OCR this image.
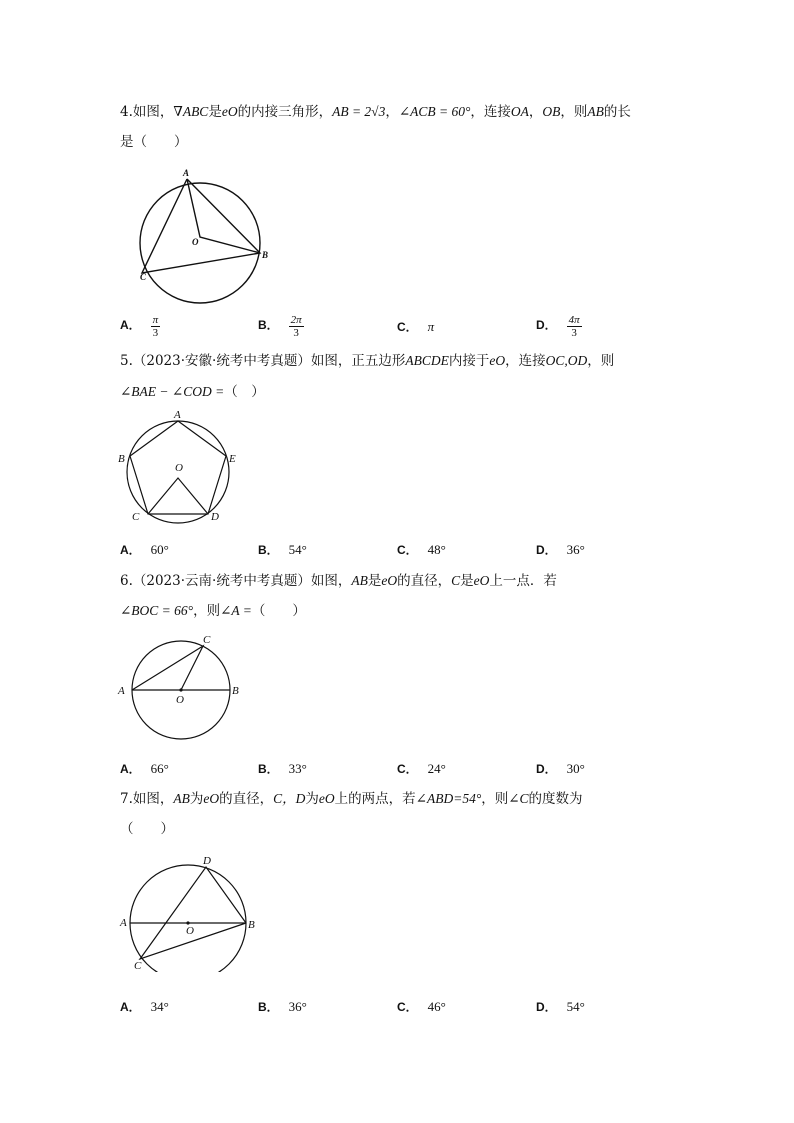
4.如图，∇ABC是eO的内接三角形，AB = 2√3，∠ACB = 60°，连接OA，OB，则AB的长
是（　　）
A
B
C
O
A． $\frac{\pi}{3}$	B． $\frac{2\pi}{3}$	C． π	D． $\frac{4\pi}{3}$
5.（2023·安徽·统考中考真题）如图，正五边形ABCDE内接于eO，连接OC,OD，则
∠BAE − ∠COD =（　）
A
B
C	D
E
O
A． 60°	B． 54°	C． 48°	D． 36°
6.（2023·云南·统考中考真题）如图，AB是eO的直径，C是eO上一点．若
∠BOC = 66°，则∠A =（　　）
A	B
C
O
A． 66°	B． 33°	C． 24°	D． 30°
7.如图，AB为eO的直径，C，D为eO上的两点，若∠ABD=54°，则∠C的度数为
（　　）
A	B
C
D
O
A． 34°	B． 36°	C． 46°	D． 54°
